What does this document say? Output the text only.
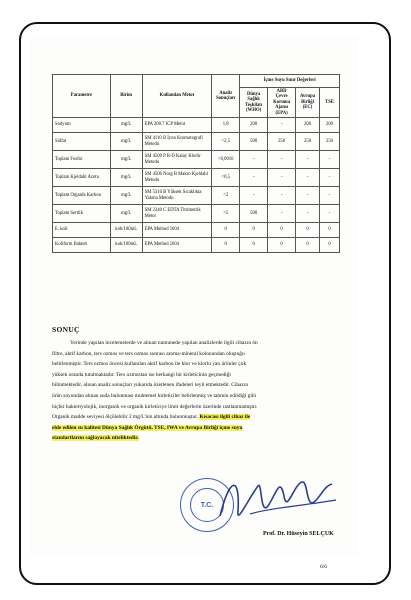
Parametre	Birim	Kullanılan Metot	Analiz Sonuçları	İçme Suyu Sınır Değerleri			
				Dünya Sağlık Teşkilatı (WHO)	ABD Çevre Koruma Ajansı (EPA)	Avrupa Birliği (EC)	TSE
Sodyum	mg/L	EPA 200.7 ICP Metot	1,8	200	-	200	200
Sülfat	mg/L	SM 4110 B İyon Kromotografi Metodu	<2,5	500	250	250	250
Toplam Fosfor	mg/L	SM 4500 P B-D Kalay Klorür Metodu	<0,0016	-	-	-	-
Toplam Kjeldahl Azotu	mg/L	SM 4500 Norg B Makro Kjeldahl Metodu	<0,5	-	-	-	-
Toplam Organik Karbon	mg/L	SM 5310 B Yüksek Sıcaklıkta Yakma Metodu	<2	-	-	-	-
Toplam Sertlik	mg/L	SM 2340 C EDTA Titrimetrik Metot	<5	500	-	-	-
E. koli	kob/100mL	EPA Method 1604	0	0	0	0	0
Koliform Bakteri	kob/100mL	EPA Method 1604	0	0	0	0	0
SONUÇ
Yerinde yapılan incelemelerde ve alınan numunede yapılan analizlerde ilgili cihazın ön
filtre, aktif karbon, ters ozmos ve ters ozmos sonrası aroma-mineral kolonundan oluştuğu
belirlenmiştir. Ters ozmos öncesi kullanılan aktif karbon ile klor ve klorlu yan ürünler çok
yüksek oranda tutulmaktadır. Ters ozmostan ise herhangi bir kirleticinin geçmediği
bilinmektedir, alınan analiz sonuçları yukarıda özetlenen ifadeleri teyit etmektedir. Cihazın
ürün suyundan alınan suda bulunması muhtemel kirleticiler belirlenmiş ve tahmin edildiği gibi
hiçbir bakteriyolojik, inorganik ve organik kirleticiye limit değerlerin üzerinde rastlanmamıştır.
Organik madde seviyesi ölçülebilir 2 mg/L'nin altında bulunmuştur. Kısacası ilgili cihaz ile
elde edilen su kalitesi Dünya Sağlık Örgütü, TSE, IWA ve Avrupa Birliği içme suyu
standartlarını sağlayacak niteliktedir.
T.C.
Prof. Dr. Hüseyin SELÇUK
6/6
